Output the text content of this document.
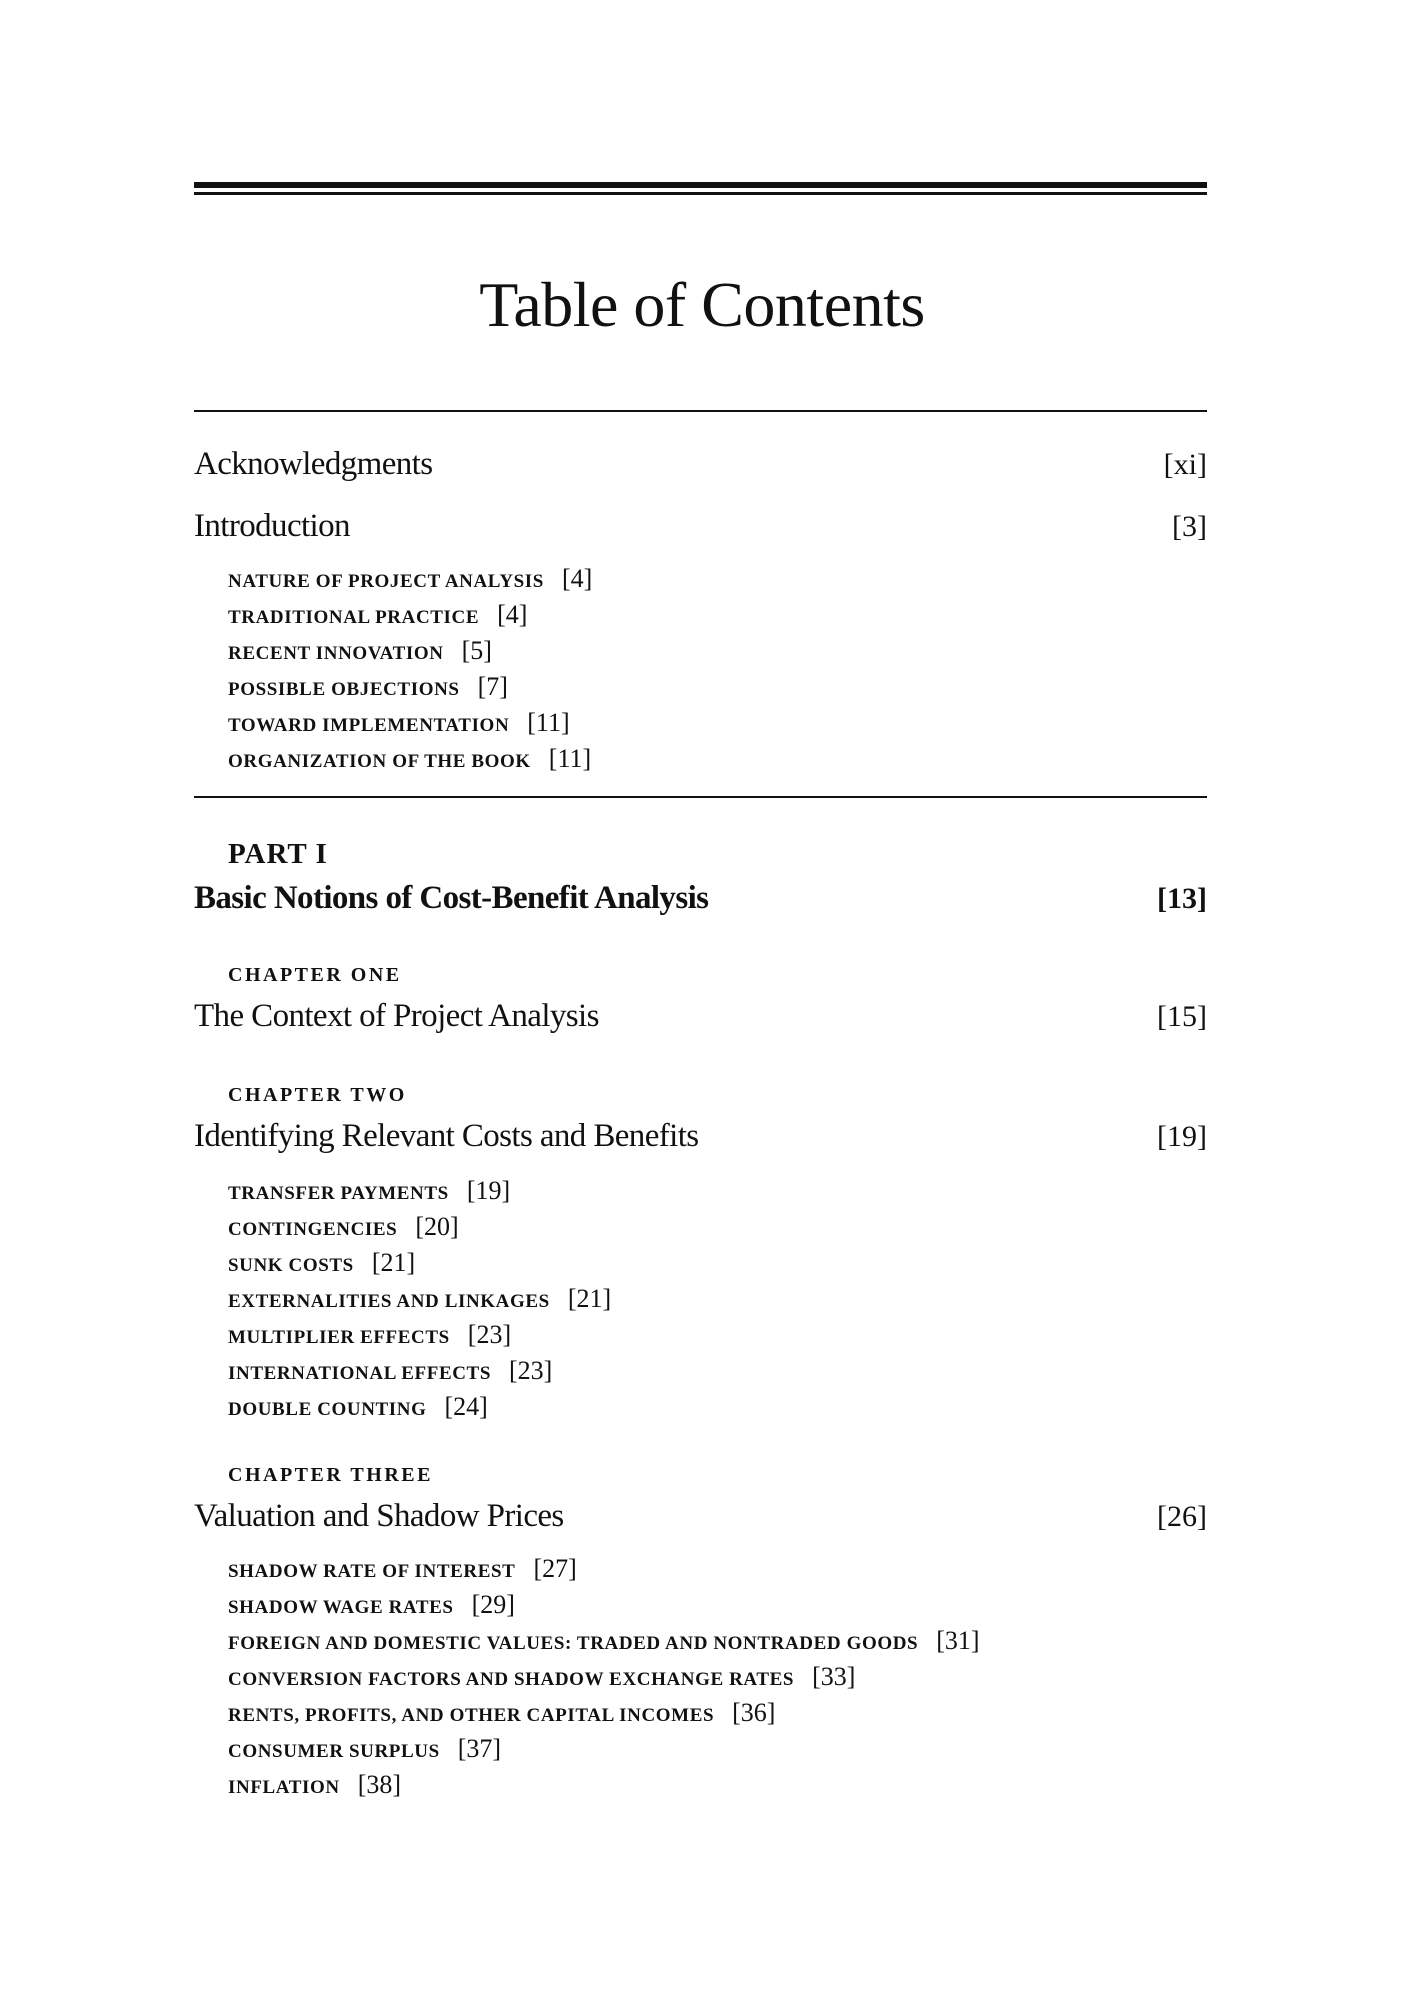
Table of Contents
Acknowledgments	[xi]
Introduction	[3]
NATURE OF PROJECT ANALYSIS [4]
TRADITIONAL PRACTICE [4]
RECENT INNOVATION [5]
POSSIBLE OBJECTIONS [7]
TOWARD IMPLEMENTATION [11]
ORGANIZATION OF THE BOOK [11]
PART I
Basic Notions of Cost-Benefit Analysis	[13]
CHAPTER ONE
The Context of Project Analysis	[15]
CHAPTER TWO
Identifying Relevant Costs and Benefits	[19]
TRANSFER PAYMENTS [19]
CONTINGENCIES [20]
SUNK COSTS [21]
EXTERNALITIES AND LINKAGES [21]
MULTIPLIER EFFECTS [23]
INTERNATIONAL EFFECTS [23]
DOUBLE COUNTING [24]
CHAPTER THREE
Valuation and Shadow Prices	[26]
SHADOW RATE OF INTEREST [27]
SHADOW WAGE RATES [29]
FOREIGN AND DOMESTIC VALUES: TRADED AND NONTRADED GOODS [31]
CONVERSION FACTORS AND SHADOW EXCHANGE RATES [33]
RENTS, PROFITS, AND OTHER CAPITAL INCOMES [36]
CONSUMER SURPLUS [37]
INFLATION [38]
